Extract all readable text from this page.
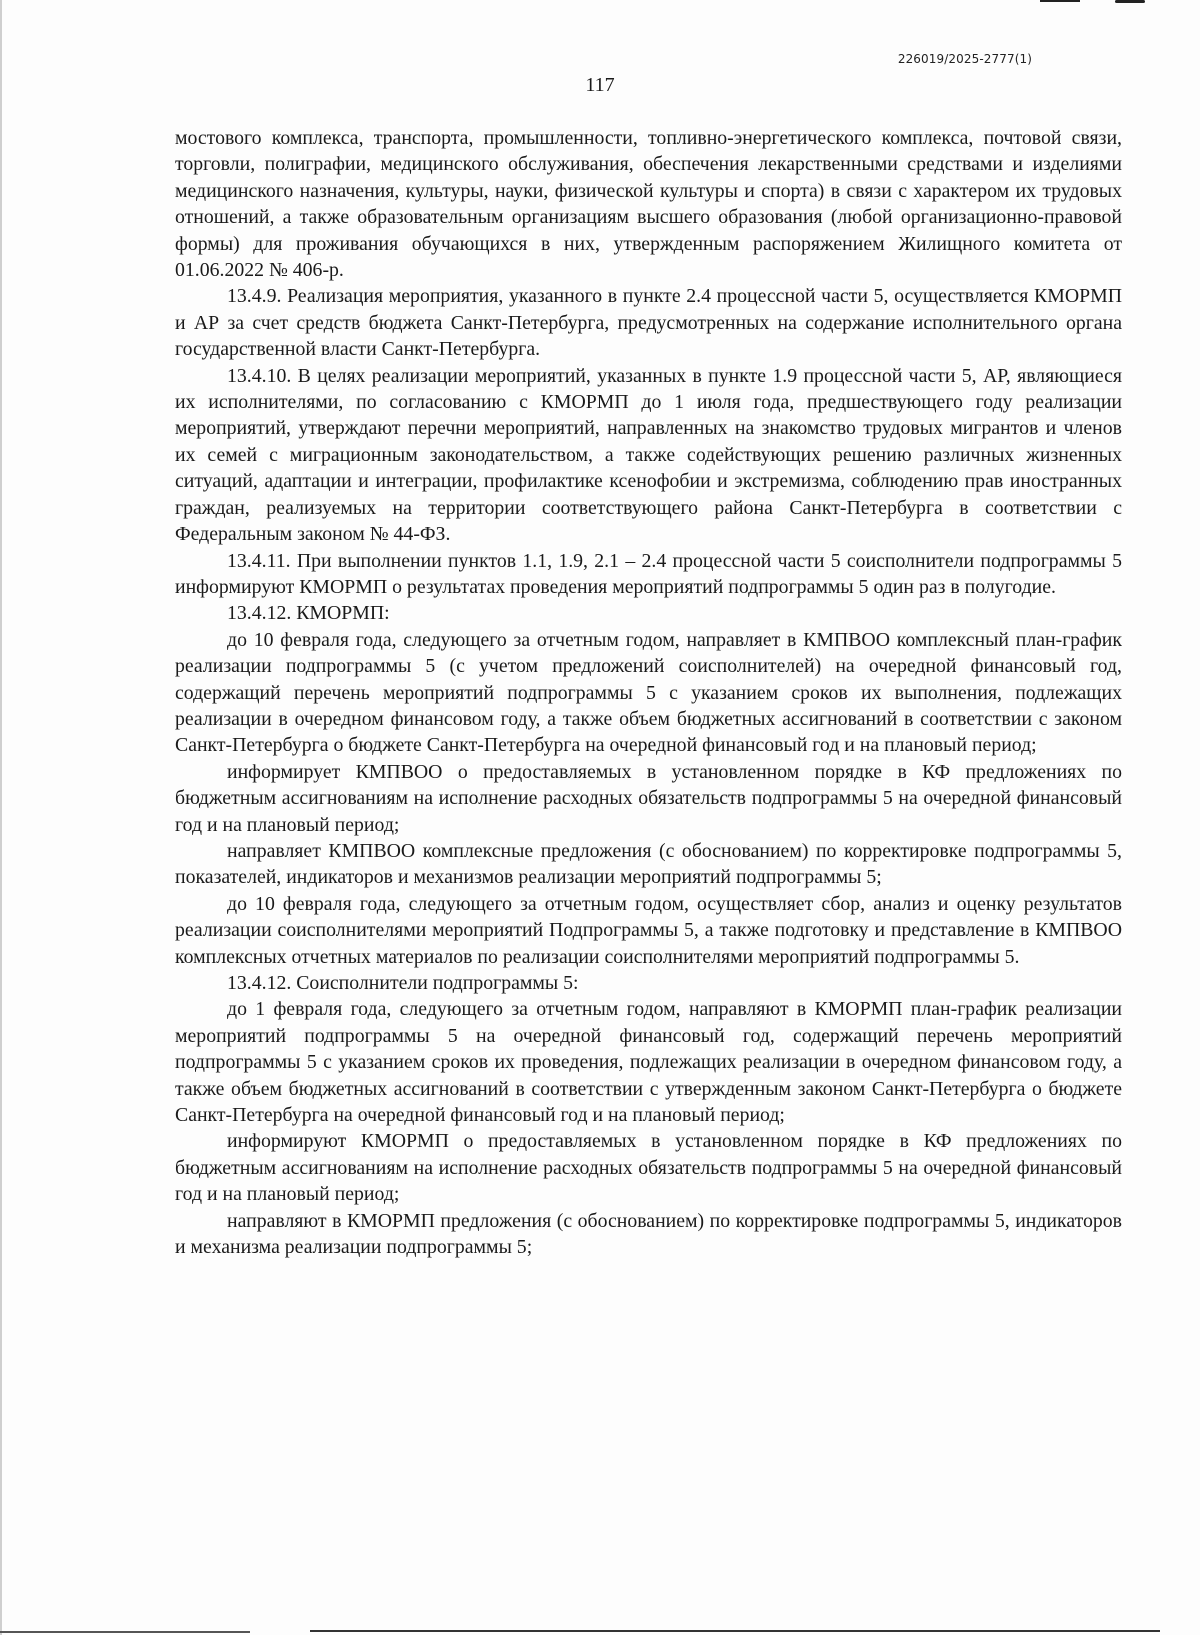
226019/2025-2777(1)
117

мостового комплекса, транспорта, промышленности, топливно-энергетического комплекса, почтовой связи, торговли, полиграфии, медицинского обслуживания, обеспечения лекарственными средствами и изделиями медицинского назначения, культуры, науки, физической культуры и спорта) в связи с характером их трудовых отношений, а также образовательным организациям высшего образования (любой организационно-правовой формы) для проживания обучающихся в них, утвержденным распоряжением Жилищного комитета от 01.06.2022 № 406-р.

13.4.9. Реализация мероприятия, указанного в пункте 2.4 процессной части 5, осуществляется КМОРМП и АР за счет средств бюджета Санкт-Петербурга, предусмотренных на содержание исполнительного органа государственной власти Санкт-Петербурга.

13.4.10. В целях реализации мероприятий, указанных в пункте 1.9 процессной части 5, АР, являющиеся их исполнителями, по согласованию с КМОРМП до 1 июля года, предшествующего году реализации мероприятий, утверждают перечни мероприятий, направленных на знакомство трудовых мигрантов и членов их семей с миграционным законодательством, а также содействующих решению различных жизненных ситуаций, адаптации и интеграции, профилактике ксенофобии и экстремизма, соблюдению прав иностранных граждан, реализуемых на территории соответствующего района Санкт-Петербурга в соответствии с Федеральным законом № 44-ФЗ.

13.4.11. При выполнении пунктов 1.1, 1.9, 2.1 – 2.4 процессной части 5 соисполнители подпрограммы 5 информируют КМОРМП о результатах проведения мероприятий подпрограммы 5 один раз в полугодие.

13.4.12. КМОРМП:

до 10 февраля года, следующего за отчетным годом, направляет в КМПВОО комплексный план-график реализации подпрограммы 5 (с учетом предложений соисполнителей) на очередной финансовый год, содержащий перечень мероприятий подпрограммы 5 с указанием сроков их выполнения, подлежащих реализации в очередном финансовом году, а также объем бюджетных ассигнований в соответствии с законом Санкт-Петербурга о бюджете Санкт-Петербурга на очередной финансовый год и на плановый период;

информирует КМПВОО о предоставляемых в установленном порядке в КФ предложениях по бюджетным ассигнованиям на исполнение расходных обязательств подпрограммы 5 на очередной финансовый год и на плановый период;

направляет КМПВОО комплексные предложения (с обоснованием) по корректировке подпрограммы 5, показателей, индикаторов и механизмов реализации мероприятий подпрограммы 5;

до 10 февраля года, следующего за отчетным годом, осуществляет сбор, анализ и оценку результатов реализации соисполнителями мероприятий Подпрограммы 5, а также подготовку и представление в КМПВОО комплексных отчетных материалов по реализации соисполнителями мероприятий подпрограммы 5.

13.4.12. Соисполнители подпрограммы 5:

до 1 февраля года, следующего за отчетным годом, направляют в КМОРМП план-график реализации мероприятий подпрограммы 5 на очередной финансовый год, содержащий перечень мероприятий подпрограммы 5 с указанием сроков их проведения, подлежащих реализации в очередном финансовом году, а также объем бюджетных ассигнований в соответствии с утвержденным законом Санкт-Петербурга о бюджете Санкт-Петербурга на очередной финансовый год и на плановый период;

информируют КМОРМП о предоставляемых в установленном порядке в КФ предложениях по бюджетным ассигнованиям на исполнение расходных обязательств подпрограммы 5 на очередной финансовый год и на плановый период;

направляют в КМОРМП предложения (с обоснованием) по корректировке подпрограммы 5, индикаторов и механизма реализации подпрограммы 5;
